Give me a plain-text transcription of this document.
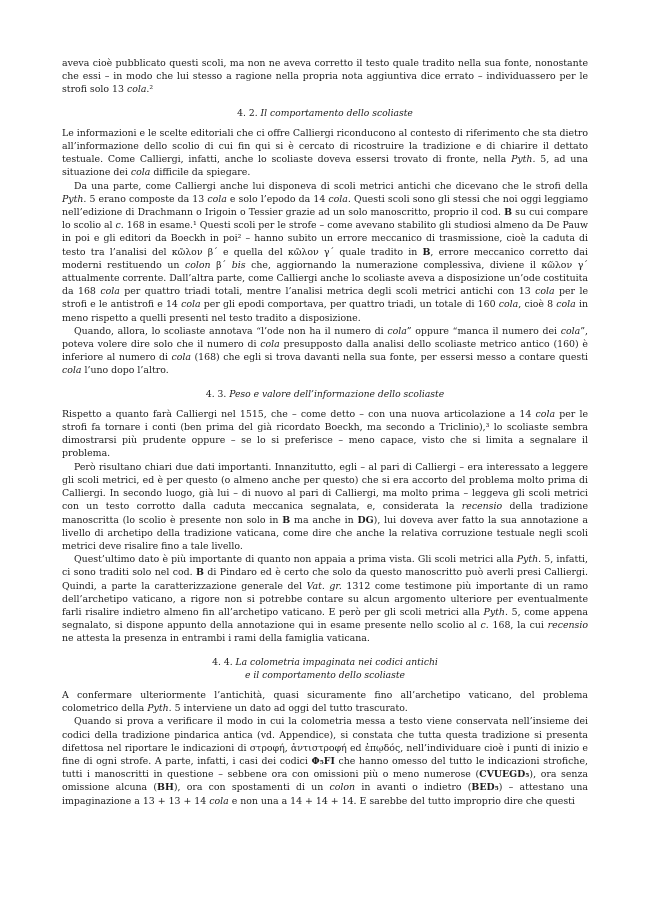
aveva cioè pubblicato questi scoli, ma non ne aveva corretto il testo quale tradito nella sua fonte, nonostante che essi – in modo che lui stesso a ragione nella propria nota aggiuntiva dice errato – individuassero per le strofi solo 13 cola.²

4. 2. Il comportamento dello scoliaste

Le informazioni e le scelte editoriali che ci offre Calliergi riconducono al contesto di riferimento che sta dietro all’informazione dello scolio di cui fin qui si è cercato di ricostruire la tradizione e di chiarire il dettato testuale. Come Calliergi, infatti, anche lo scoliaste doveva essersi trovato di fronte, nella Pyth. 5, ad una situazione dei cola difficile da spiegare.

Da una parte, come Calliergi anche lui disponeva di scoli metrici antichi che dicevano che le strofi della Pyth. 5 erano composte da 13 cola e solo l’epodo da 14 cola. Questi scoli sono gli stessi che noi oggi leggiamo nell’edizione di Drachmann o Irigoin o Tessier grazie ad un solo manoscritto, proprio il cod. B su cui compare lo scolio al c. 168 in esame.¹ Questi scoli per le strofe – come avevano stabilito gli studiosi almeno da De Pauw in poi e gli editori da Boeckh in poi² – hanno subito un errore meccanico di trasmissione, cioè la caduta di testo tra l’analisi del κῶλον β´ e quella del κῶλον γ´ quale tradito in B, errore meccanico corretto dai moderni restituendo un colon β´ bis che, aggiornando la numerazione complessiva, diviene il κῶλον γ´ attualmente corrente. Dall’altra parte, come Calliergi anche lo scoliaste aveva a disposizione un’ode costituita da 168 cola per quattro triadi totali, mentre l’analisi metrica degli scoli metrici antichi con 13 cola per le strofi e le antistrofi e 14 cola per gli epodi comportava, per quattro triadi, un totale di 160 cola, cioè 8 cola in meno rispetto a quelli presenti nel testo tradito a disposizione.

Quando, allora, lo scoliaste annotava “l’ode non ha il numero di cola” oppure “manca il numero dei cola”, poteva volere dire solo che il numero di cola presupposto dalla analisi dello scoliaste metrico antico (160) è inferiore al numero di cola (168) che egli si trova davanti nella sua fonte, per essersi messo a contare questi cola l’uno dopo l’altro.

4. 3. Peso e valore dell’informazione dello scoliaste

Rispetto a quanto farà Calliergi nel 1515, che – come detto – con una nuova articolazione a 14 cola per le strofi fa tornare i conti (ben prima del già ricordato Boeckh, ma secondo a Triclinio),³ lo scoliaste sembra dimostrarsi più prudente oppure – se lo si preferisce – meno capace, visto che si limita a segnalare il problema.

Però risultano chiari due dati importanti. Innanzitutto, egli – al pari di Calliergi – era interessato a leggere gli scoli metrici, ed è per questo (o almeno anche per questo) che si era accorto del problema molto prima di Calliergi. In secondo luogo, già lui – di nuovo al pari di Calliergi, ma molto prima – leggeva gli scoli metrici con un testo corrotto dalla caduta meccanica segnalata, e, considerata la recensio della tradizione manoscritta (lo scolio è presente non solo in B ma anche in DG), lui doveva aver fatto la sua annotazione a livello di archetipo della tradizione vaticana, come dire che anche la relativa corruzione testuale negli scoli metrici deve risalire fino a tale livello.

Quest’ultimo dato è più importante di quanto non appaia a prima vista. Gli scoli metrici alla Pyth. 5, infatti, ci sono traditi solo nel cod. B di Pindaro ed è certo che solo da questo manoscritto può averli presi Calliergi. Quindi, a parte la caratterizzazione generale del Vat. gr. 1312 come testimone più importante di un ramo dell’archetipo vaticano, a rigore non si potrebbe contare su alcun argomento ulteriore per eventualmente farli risalire indietro almeno fin all’archetipo vaticano. E però per gli scoli metrici alla Pyth. 5, come appena segnalato, si dispone appunto della annotazione qui in esame presente nello scolio al c. 168, la cui recensio ne attesta la presenza in entrambi i rami della famiglia vaticana.

4. 4. La colometria impaginata nei codici antichi
e il comportamento dello scoliaste

A confermare ulteriormente l’antichità, quasi sicuramente fino all’archetipo vaticano, del problema colometrico della Pyth. 5 interviene un dato ad oggi del tutto trascurato.

Quando si prova a verificare il modo in cui la colometria messa a testo viene conservata nell’insieme dei codici della tradizione pindarica antica (vd. Appendice), si constata che tutta questa tradizione si presenta difettosa nel riportare le indicazioni di στροφή, ἀντιστροφή ed ἐπῳδός, nell’individuare cioè i punti di inizio e fine di ogni strofe. A parte, infatti, i casi dei codici Φ₅FI che hanno omesso del tutto le indicazioni strofiche, tutti i manoscritti in questione – sebbene ora con omissioni più o meno numerose (CVUEGD₅), ora senza omissione alcuna (BH), ora con spostamenti di un colon in avanti o indietro (BED₅) – attestano una impaginazione a 13 + 13 + 14 cola e non una a 14 + 14 + 14. E sarebbe del tutto improprio dire che questi
